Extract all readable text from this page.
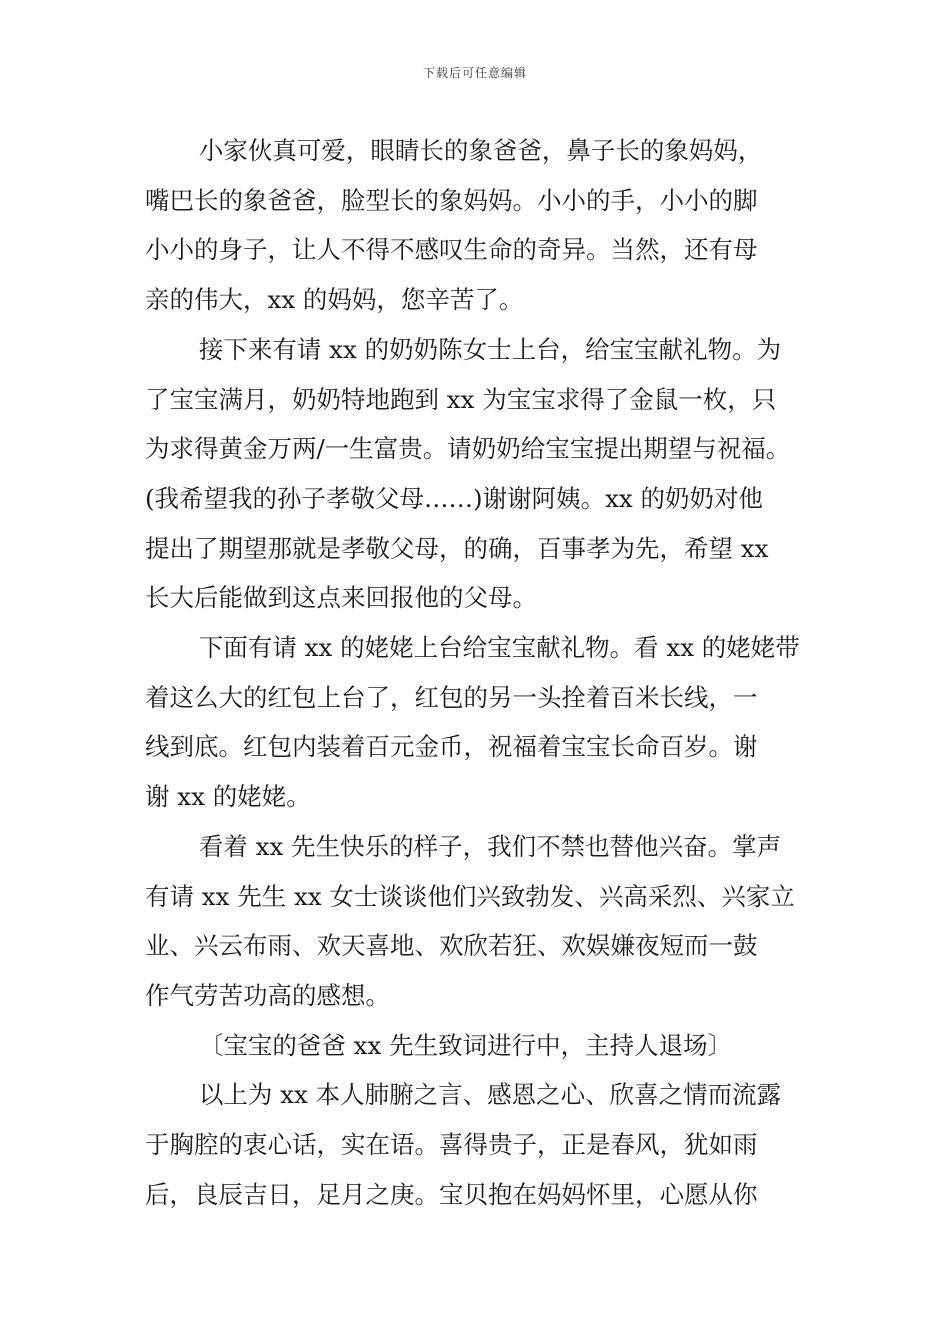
下载后可任意编辑
小家伙真可爱，眼睛长的象爸爸，鼻子长的象妈妈，
嘴巴长的象爸爸，脸型长的象妈妈。小小的手，小小的脚
小小的身子，让人不得不感叹生命的奇异。当然，还有母
亲的伟大，xx 的妈妈，您辛苦了。
接下来有请 xx 的奶奶陈女士上台，给宝宝献礼物。为
了宝宝满月，奶奶特地跑到 xx 为宝宝求得了金鼠一枚，只
为求得黄金万两/一生富贵。请奶奶给宝宝提出期望与祝福。
(我希望我的孙子孝敬父母……)谢谢阿姨。xx 的奶奶对他
提出了期望那就是孝敬父母，的确，百事孝为先，希望 xx
长大后能做到这点来回报他的父母。
下面有请 xx 的姥姥上台给宝宝献礼物。看 xx 的姥姥带
着这么大的红包上台了，红包的另一头拴着百米长线，一
线到底。红包内装着百元金币，祝福着宝宝长命百岁。谢
谢 xx 的姥姥。
看着 xx 先生快乐的样子，我们不禁也替他兴奋。掌声
有请 xx 先生 xx 女士谈谈他们兴致勃发、兴高采烈、兴家立
业、兴云布雨、欢天喜地、欢欣若狂、欢娱嫌夜短而一鼓
作气劳苦功高的感想。
〔宝宝的爸爸 xx 先生致词进行中，主持人退场〕
以上为 xx 本人肺腑之言、感恩之心、欣喜之情而流露
于胸腔的衷心话，实在语。喜得贵子，正是春风，犹如雨
后，良辰吉日，足月之庚。宝贝抱在妈妈怀里，心愿从你
